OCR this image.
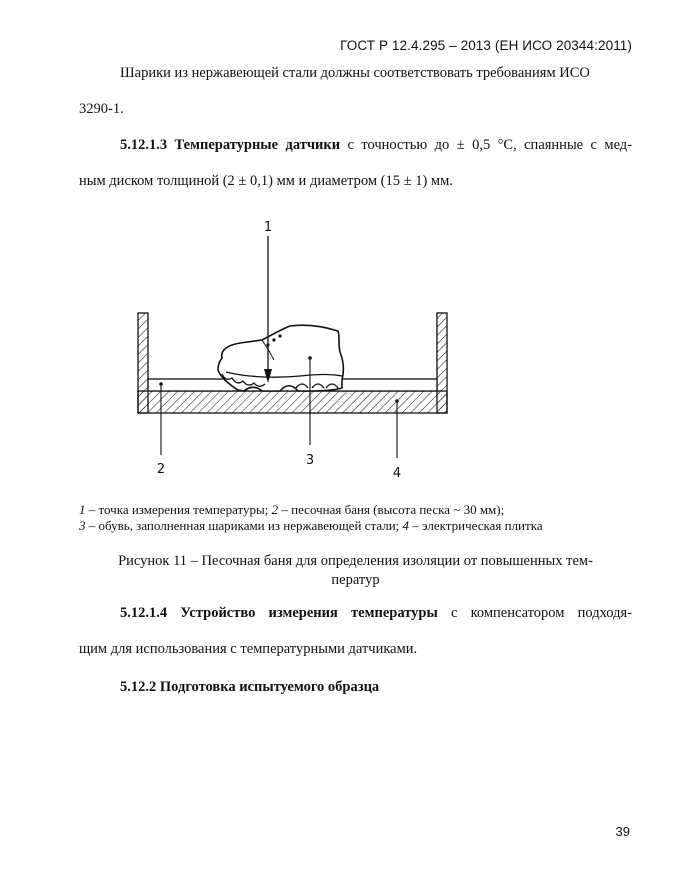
ГОСТ Р 12.4.295 – 2013 (ЕН ИСО 20344:2011)
Шарики из нержавеющей стали должны соответствовать требованиям ИСО
3290-1.
5.12.1.3 Температурные датчики с точностью до ± 0,5 °С, спаянные с мед-
ным диском толщиной (2 ± 0,1) мм и диаметром (15 ± 1) мм.
1
2
3
4
1 – точка измерения температуры; 2 – песочная баня (высота песка ~ 30 мм);
3 – обувь, заполненная шариками из нержавеющей стали; 4 – электрическая плитка
Рисунок 11 – Песочная баня для определения изоляции от повышенных тем-
ператур
5.12.1.4 Устройство измерения температуры с компенсатором подходя-
щим для использования с температурными датчиками.
5.12.2 Подготовка испытуемого образца
39
